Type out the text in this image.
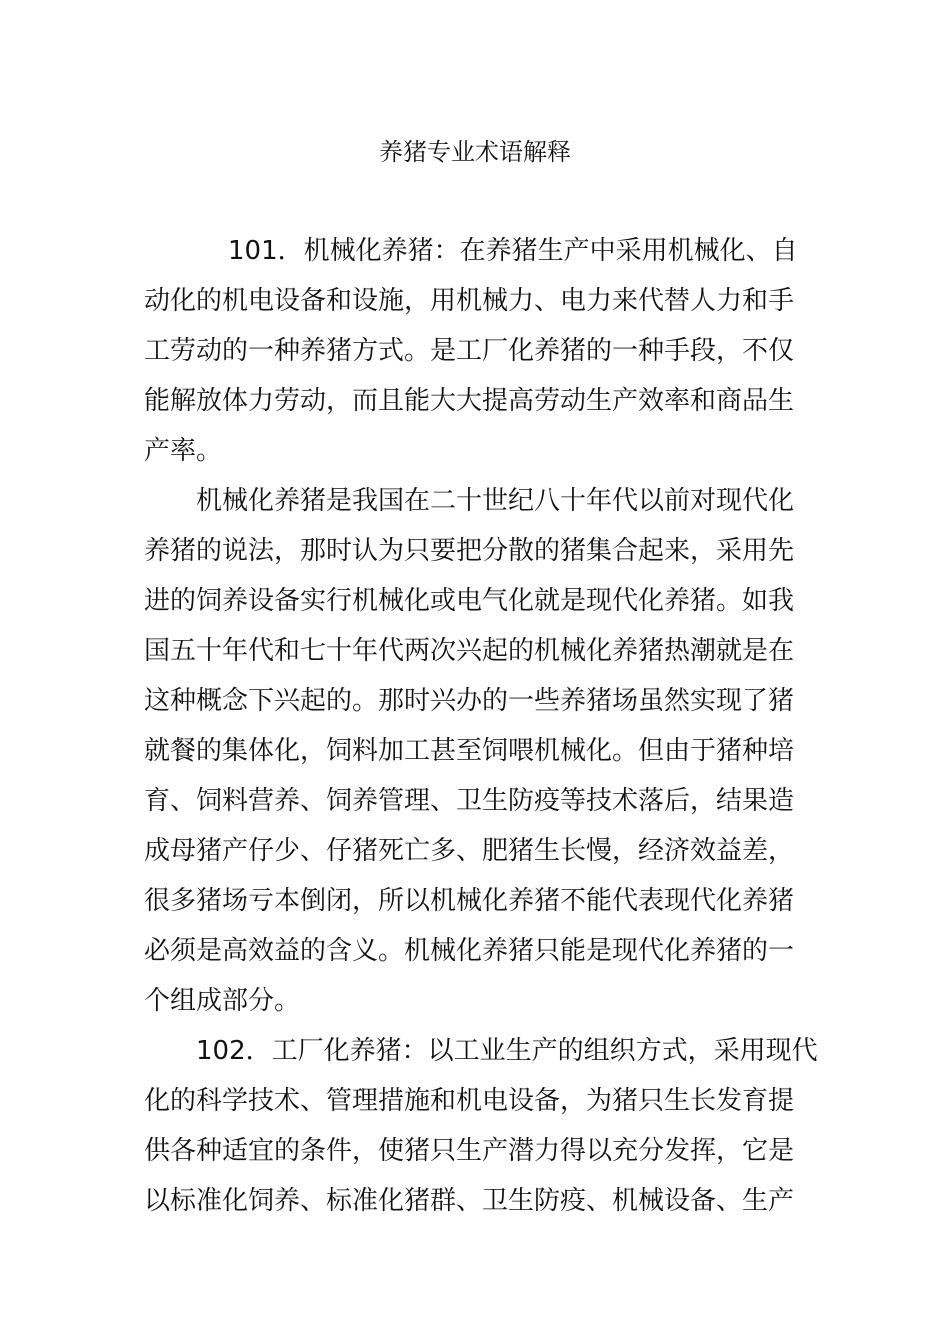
养猪专业术语解释
101．机械化养猪：在养猪生产中采用机械化、自
动化的机电设备和设施，用机械力、电力来代替人力和手
工劳动的一种养猪方式。是工厂化养猪的一种手段，不仅
能解放体力劳动，而且能大大提高劳动生产效率和商品生
产率。
机械化养猪是我国在二十世纪八十年代以前对现代化
养猪的说法，那时认为只要把分散的猪集合起来，采用先
进的饲养设备实行机械化或电气化就是现代化养猪。如我
国五十年代和七十年代两次兴起的机械化养猪热潮就是在
这种概念下兴起的。那时兴办的一些养猪场虽然实现了猪
就餐的集体化，饲料加工甚至饲喂机械化。但由于猪种培
育、饲料营养、饲养管理、卫生防疫等技术落后，结果造
成母猪产仔少、仔猪死亡多、肥猪生长慢，经济效益差，
很多猪场亏本倒闭，所以机械化养猪不能代表现代化养猪
必须是高效益的含义。机械化养猪只能是现代化养猪的一
个组成部分。
102．工厂化养猪：以工业生产的组织方式，采用现代
化的科学技术、管理措施和机电设备，为猪只生长发育提
供各种适宜的条件，使猪只生产潜力得以充分发挥，它是
以标准化饲养、标准化猪群、卫生防疫、机械设备、生产
